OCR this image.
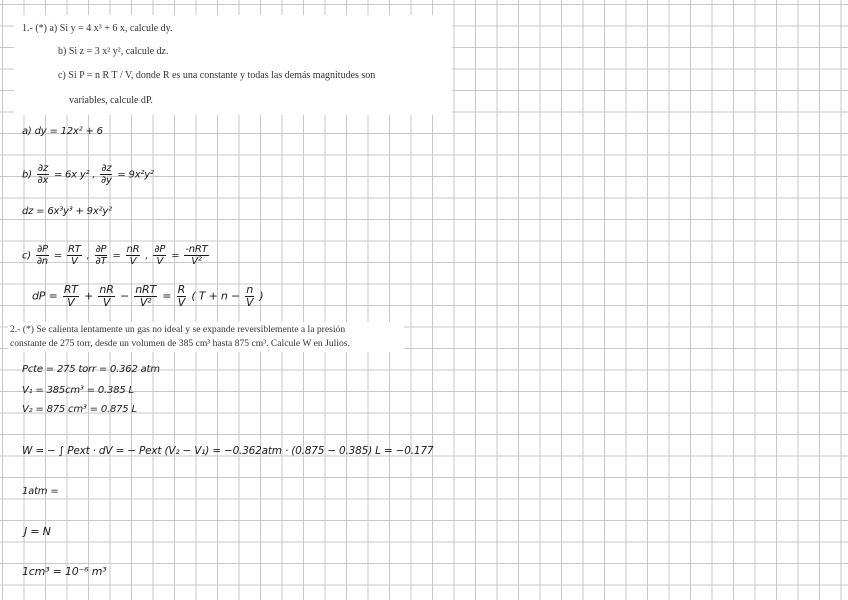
1.- (*) a) Si y = 4 x³ + 6 x, calcule dy.
b) Si z = 3 x² y², calcule dz.
c) Si P = n R T / V, donde R es una constante y todas las demás magnitudes son
variables, calcule dP.
a) dy = 12x² + 6
$b) \frac{\partial z}{\partial x} = 6x$ y² , $\frac{\partial z}{\partial y} = 9x^2y^2$
dz = 6x³y³ + 9x²y²
$c) \frac{\partial P}{\partial n} = \frac{RT}{V}$ , $\frac{\partial P}{\partial T} = \frac{nR}{V}$ , $\frac{\partial P}{V} = \frac{\text{-nRT}}{\text{V²}}$
dP = $\frac{RT}{V} + \frac{nR}{V} - \frac{\text{nRT}}{\text{V²}} = \frac{R}{V}$ ( $T + n - \frac{n}{V}$ )
2.- (*) Se calienta lentamente un gas no ideal y se expande reversiblemente a la presión
constante de 275 torr, desde un volumen de 385 cm³ hasta 875 cm³. Calcule W en Julios.
Pcte = 275 torr = 0.362 atm
V₁ = 385cm³ = 0.385 L
V₂ = 875 cm³ = 0.875 L
W = − ∫ Pext · dV = − Pext (V₂ − V₁) = −0.362atm · (0.875 − 0.385) L = −0.177
1atm =
J = N
1cm³ = 10⁻⁶ m³
